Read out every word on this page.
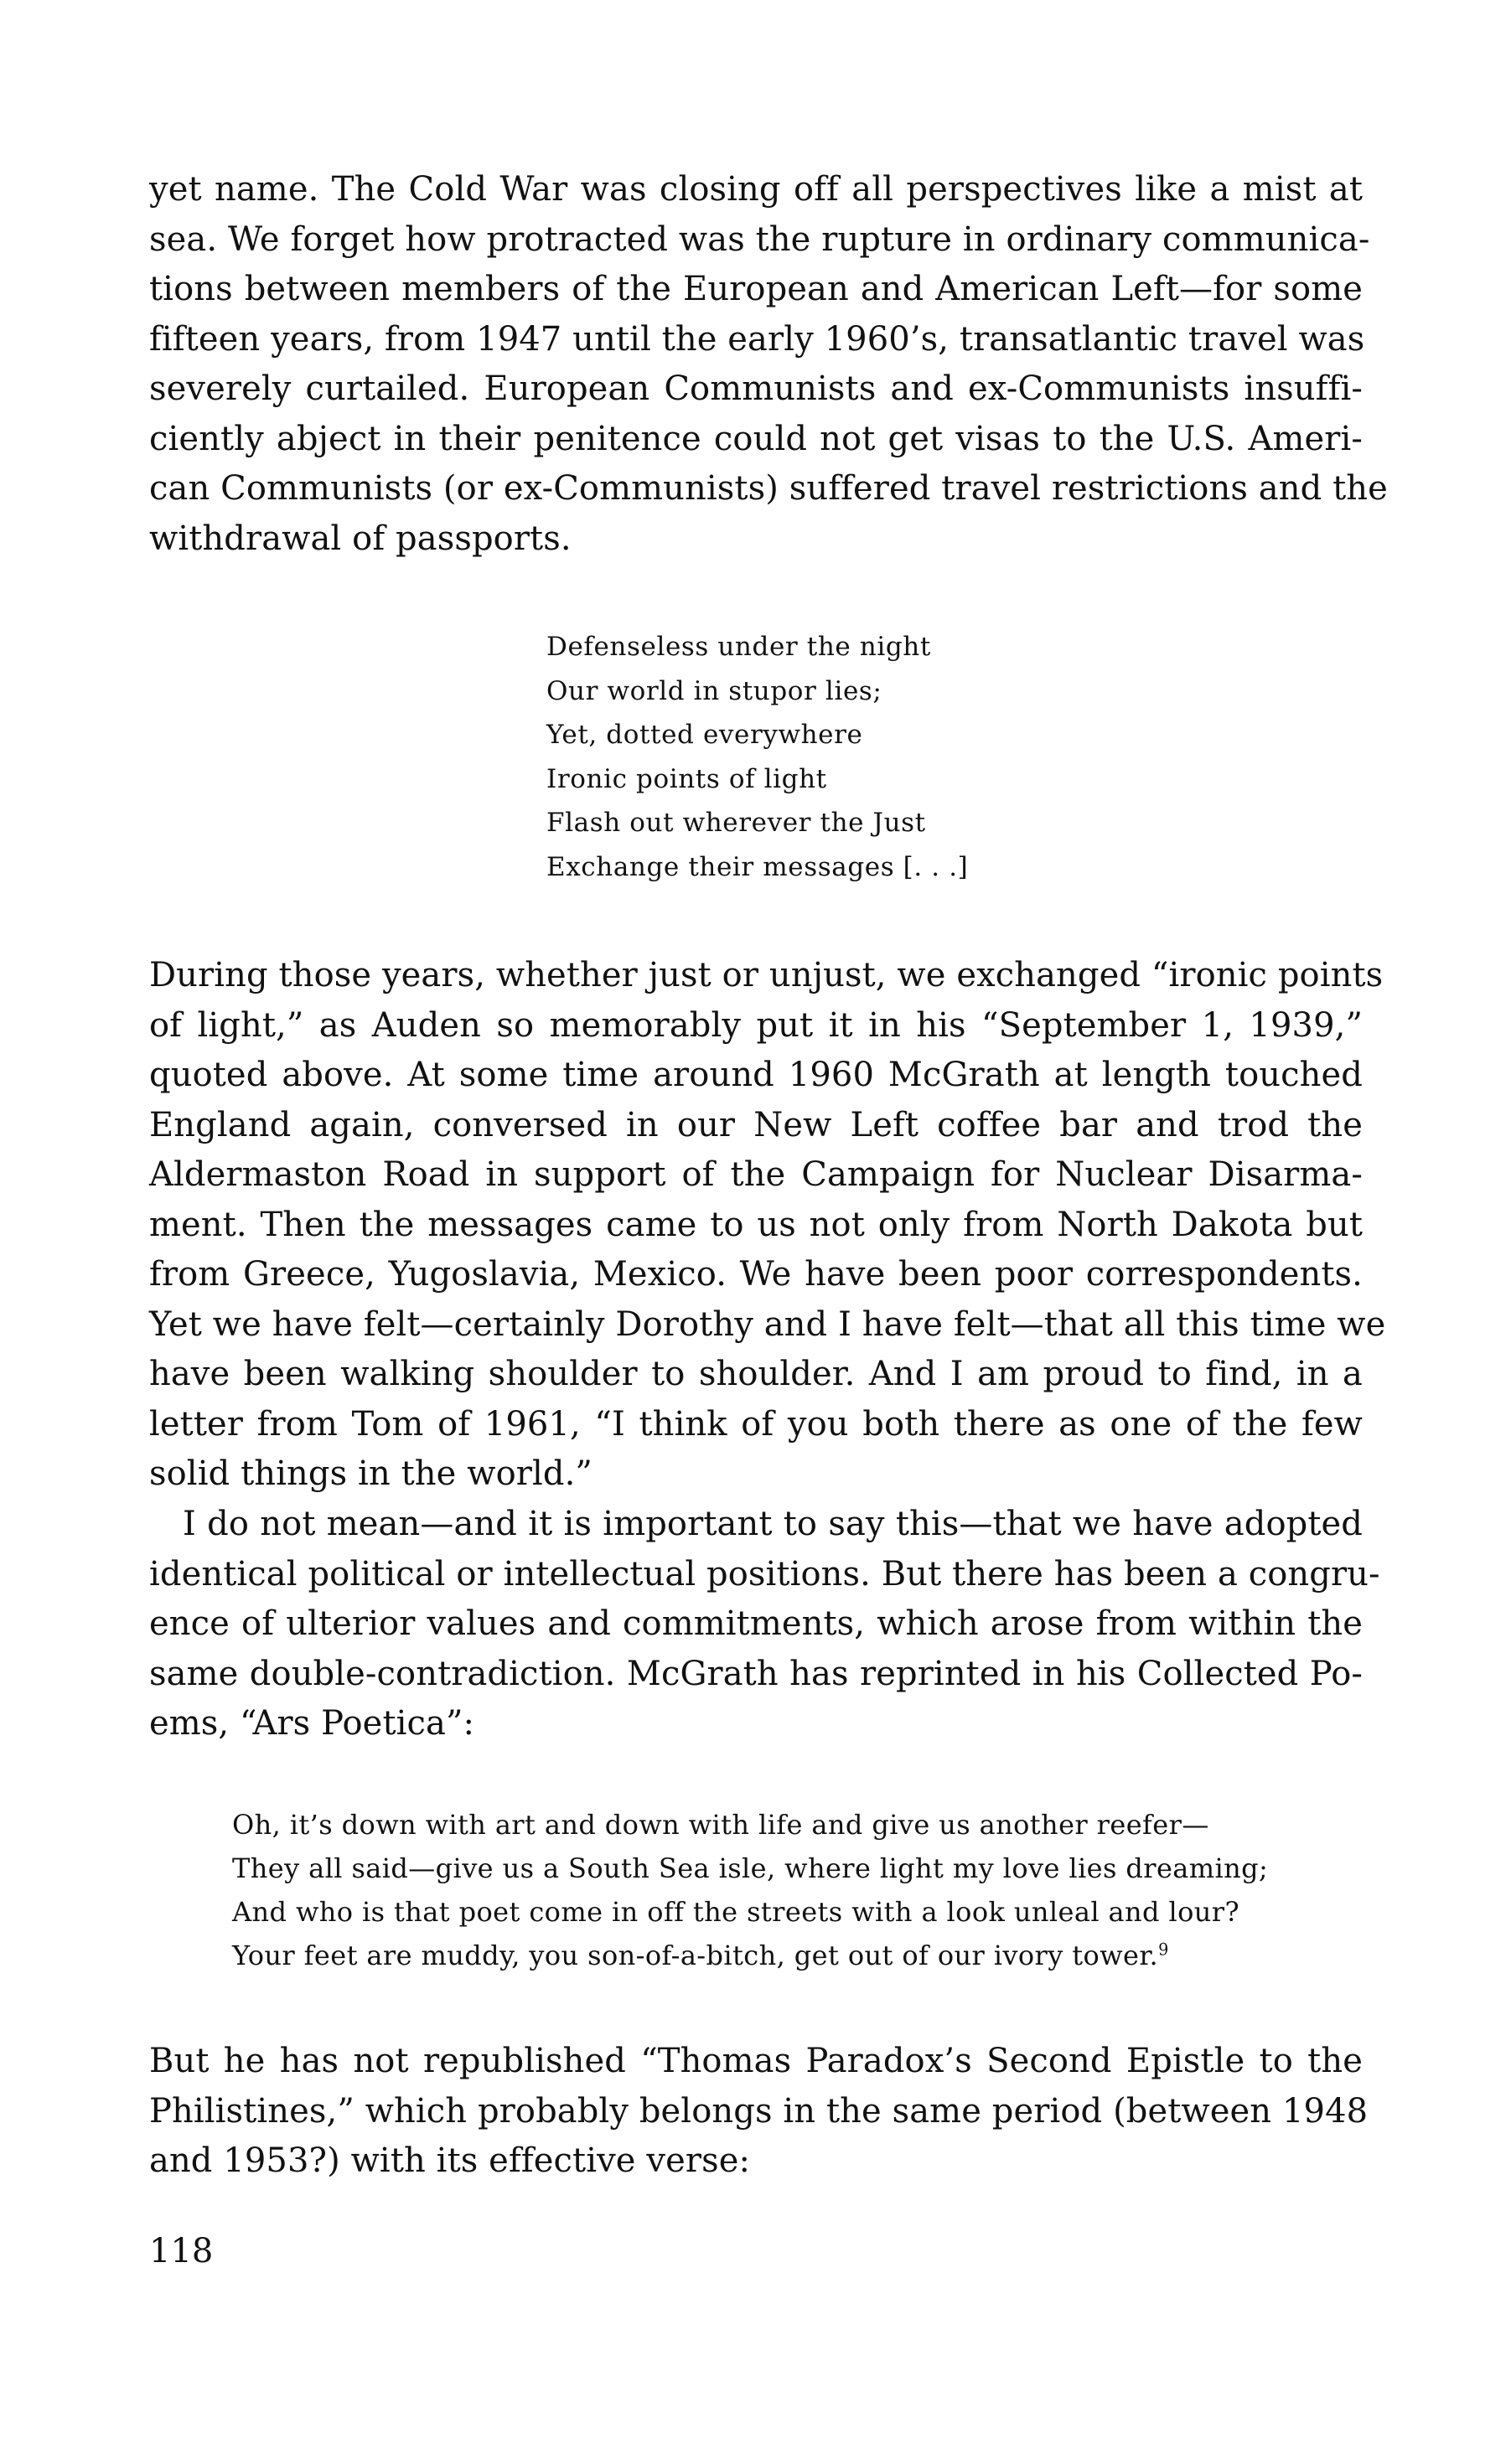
yet name. The Cold War was closing off all perspectives like a mist at
sea. We forget how protracted was the rupture in ordinary communica-
tions between members of the European and American Left—for some
fifteen years, from 1947 until the early 1960’s, transatlantic travel was
severely curtailed. European Communists and ex-Communists insuffi-
ciently abject in their penitence could not get visas to the U.S. Ameri-
can Communists (or ex-Communists) suffered travel restrictions and the
withdrawal of passports.
Defenseless under the night
Our world in stupor lies;
Yet, dotted everywhere
Ironic points of light
Flash out wherever the Just
Exchange their messages [. . .]
During those years, whether just or unjust, we exchanged “ironic points
of light,” as Auden so memorably put it in his “September 1, 1939,”
quoted above. At some time around 1960 McGrath at length touched
England again, conversed in our New Left coffee bar and trod the
Aldermaston Road in support of the Campaign for Nuclear Disarma-
ment. Then the messages came to us not only from North Dakota but
from Greece, Yugoslavia, Mexico. We have been poor correspondents.
Yet we have felt—certainly Dorothy and I have felt—that all this time we
have been walking shoulder to shoulder. And I am proud to find, in a
letter from Tom of 1961, “I think of you both there as one of the few
solid things in the world.”
I do not mean—and it is important to say this—that we have adopted
identical political or intellectual positions. But there has been a congru-
ence of ulterior values and commitments, which arose from within the
same double-contradiction. McGrath has reprinted in his Collected Po-
ems, “Ars Poetica”:
Oh, it’s down with art and down with life and give us another reefer—
They all said—give us a South Sea isle, where light my love lies dreaming;
And who is that poet come in off the streets with a look unleal and lour?
Your feet are muddy, you son-of-a-bitch, get out of our ivory tower.$^9$
But he has not republished “Thomas Paradox’s Second Epistle to the
Philistines,” which probably belongs in the same period (between 1948
and 1953?) with its effective verse:

118
